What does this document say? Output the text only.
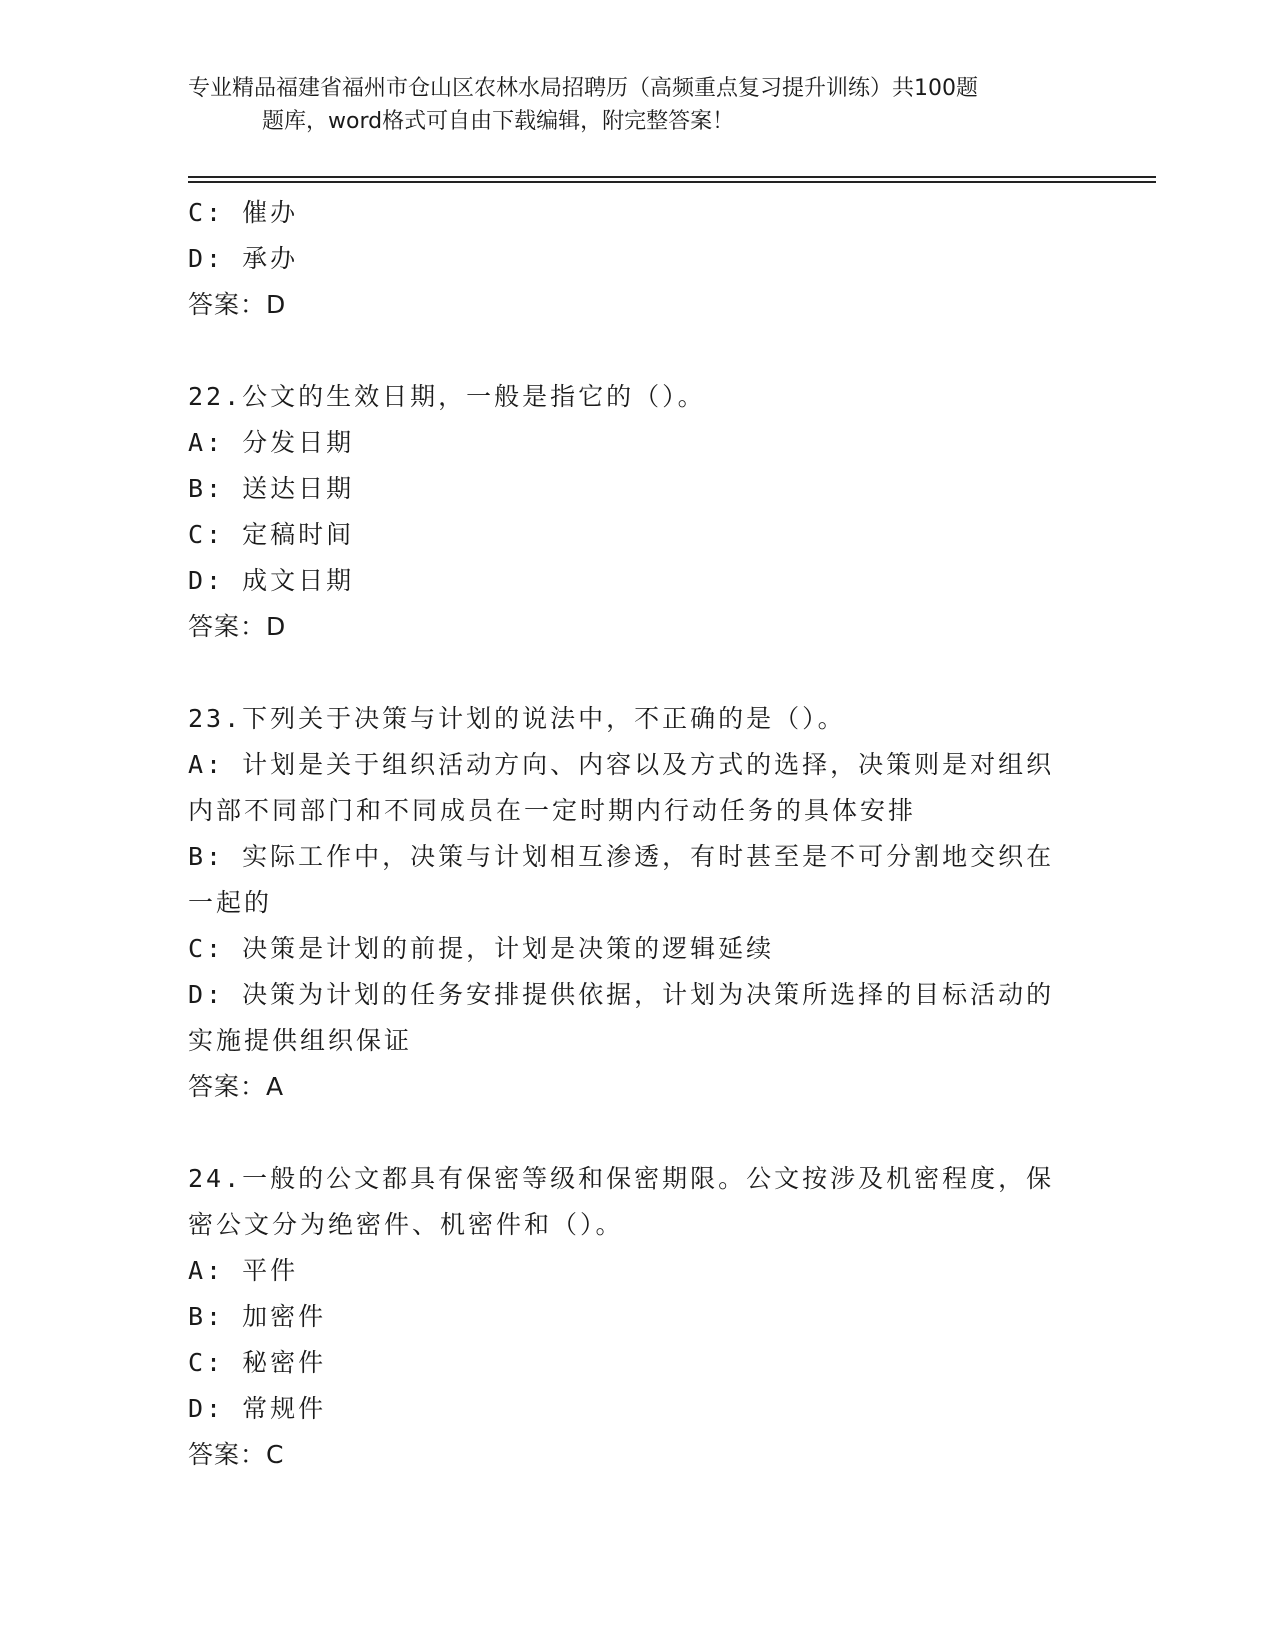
专业精品福建省福州市仓山区农林水局招聘历（高频重点复习提升训练）共100题
题库，word格式可自由下载编辑，附完整答案！
C: 催办
D: 承办
答案：D
22.公文的生效日期，一般是指它的（）。
A: 分发日期
B: 送达日期
C: 定稿时间
D: 成文日期
答案：D
23.下列关于决策与计划的说法中，不正确的是（）。
A: 计划是关于组织活动方向、内容以及方式的选择，决策则是对组织
内部不同部门和不同成员在一定时期内行动任务的具体安排
B: 实际工作中，决策与计划相互渗透，有时甚至是不可分割地交织在
一起的
C: 决策是计划的前提，计划是决策的逻辑延续
D: 决策为计划的任务安排提供依据，计划为决策所选择的目标活动的
实施提供组织保证
答案：A
24.一般的公文都具有保密等级和保密期限。公文按涉及机密程度，保
密公文分为绝密件、机密件和（）。
A: 平件
B: 加密件
C: 秘密件
D: 常规件
答案：C
